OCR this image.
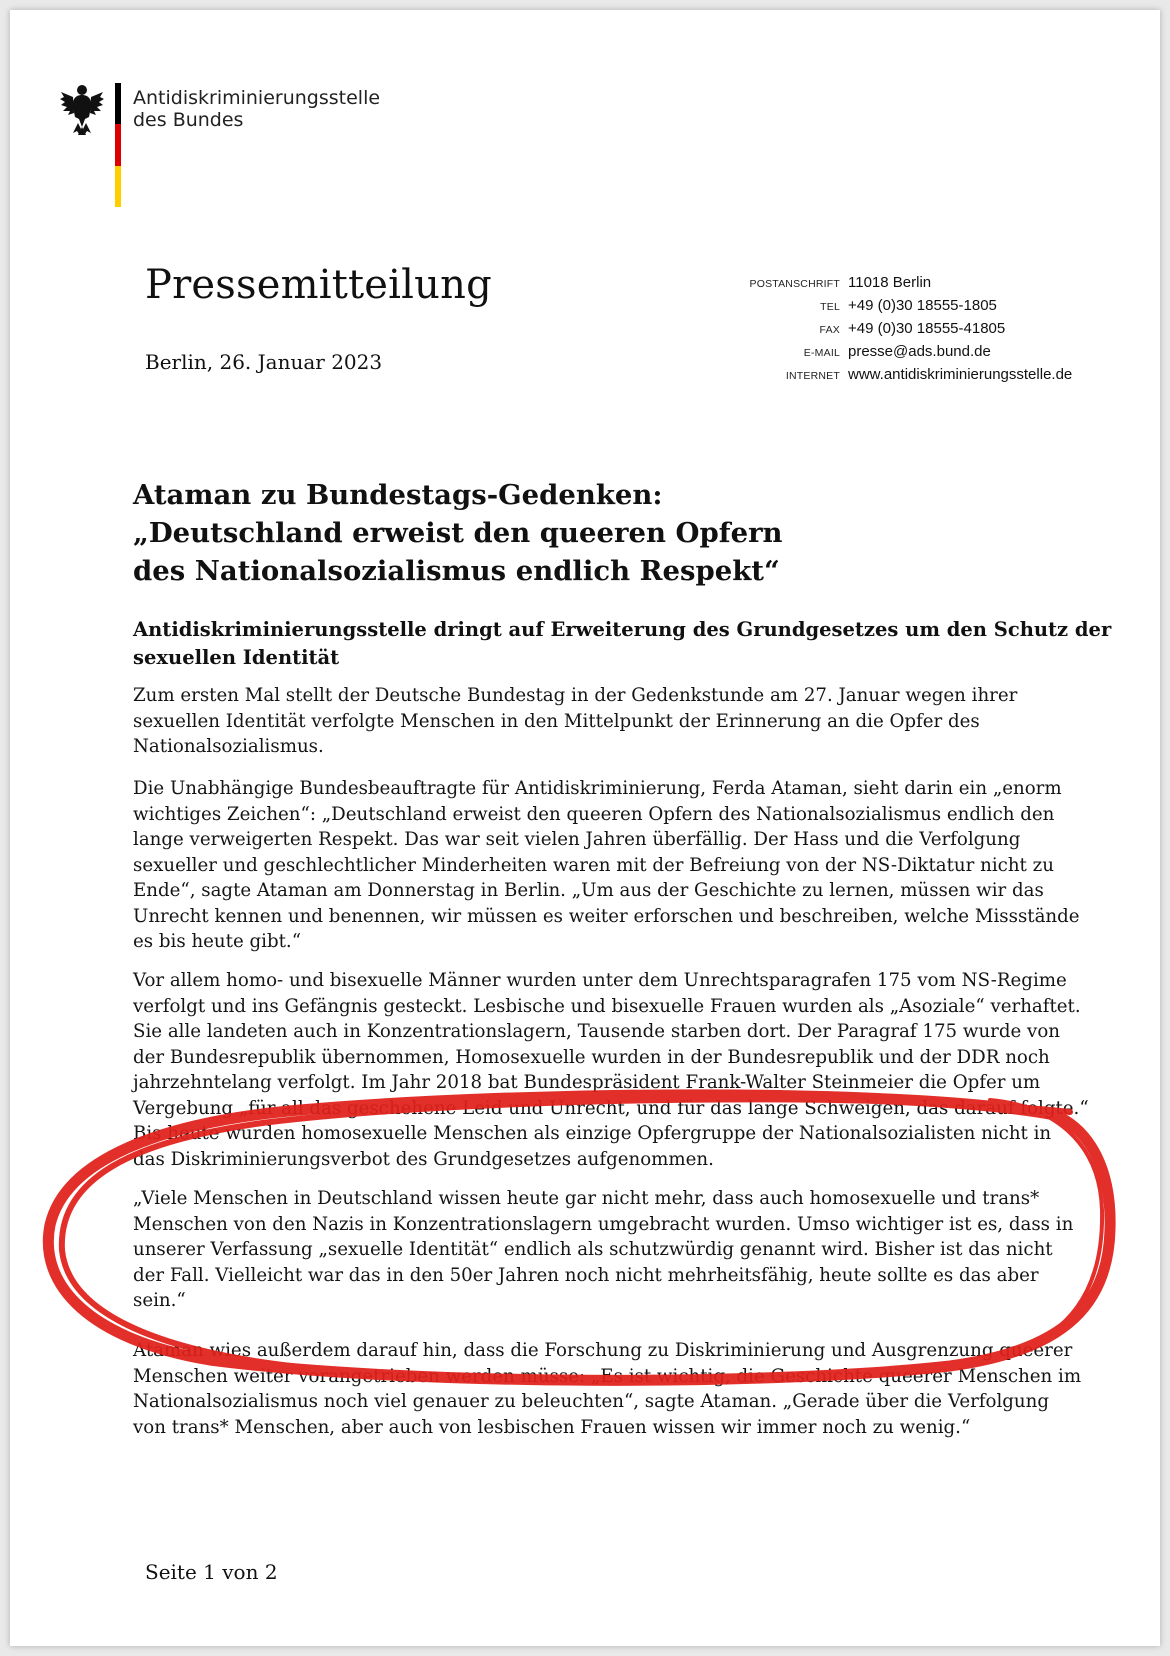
Antidiskriminierungsstelle
des Bundes
Pressemitteilung
Berlin, 26. Januar 2023
POSTANSCHRIFT 11018 Berlin
TEL +49 (0)30 18555-1805
FAX +49 (0)30 18555-41805
E-MAIL presse@ads.bund.de
INTERNET www.antidiskriminierungsstelle.de
Ataman zu Bundestags-Gedenken:
„Deutschland erweist den queeren Opfern
des Nationalsozialismus endlich Respekt“
Antidiskriminierungsstelle dringt auf Erweiterung des Grundgesetzes um den Schutz der
sexuellen Identität
Zum ersten Mal stellt der Deutsche Bundestag in der Gedenkstunde am 27. Januar wegen ihrer
sexuellen Identität verfolgte Menschen in den Mittelpunkt der Erinnerung an die Opfer des
Nationalsozialismus.
Die Unabhängige Bundesbeauftragte für Antidiskriminierung, Ferda Ataman, sieht darin ein „enorm
wichtiges Zeichen“: „Deutschland erweist den queeren Opfern des Nationalsozialismus endlich den
lange verweigerten Respekt. Das war seit vielen Jahren überfällig. Der Hass und die Verfolgung
sexueller und geschlechtlicher Minderheiten waren mit der Befreiung von der NS-Diktatur nicht zu
Ende“, sagte Ataman am Donnerstag in Berlin. „Um aus der Geschichte zu lernen, müssen wir das
Unrecht kennen und benennen, wir müssen es weiter erforschen und beschreiben, welche Missstände
es bis heute gibt.“
Vor allem homo- und bisexuelle Männer wurden unter dem Unrechtsparagrafen 175 vom NS-Regime
verfolgt und ins Gefängnis gesteckt. Lesbische und bisexuelle Frauen wurden als „Asoziale“ verhaftet.
Sie alle landeten auch in Konzentrationslagern, Tausende starben dort. Der Paragraf 175 wurde von
der Bundesrepublik übernommen, Homosexuelle wurden in der Bundesrepublik und der DDR noch
jahrzehntelang verfolgt. Im Jahr 2018 bat Bundespräsident Frank-Walter Steinmeier die Opfer um
Vergebung „für all das geschehene Leid und Unrecht, und für das lange Schweigen, das darauf folgte.“
Bis heute wurden homosexuelle Menschen als einzige Opfergruppe der Nationalsozialisten nicht in
das Diskriminierungsverbot des Grundgesetzes aufgenommen.
„Viele Menschen in Deutschland wissen heute gar nicht mehr, dass auch homosexuelle und trans*
Menschen von den Nazis in Konzentrationslagern umgebracht wurden. Umso wichtiger ist es, dass in
unserer Verfassung „sexuelle Identität“ endlich als schutzwürdig genannt wird. Bisher ist das nicht
der Fall. Vielleicht war das in den 50er Jahren noch nicht mehrheitsfähig, heute sollte es das aber
sein.“
Ataman wies außerdem darauf hin, dass die Forschung zu Diskriminierung und Ausgrenzung queerer
Menschen weiter vorangetrieben werden müsse: „Es ist wichtig, die Geschichte queerer Menschen im
Nationalsozialismus noch viel genauer zu beleuchten“, sagte Ataman. „Gerade über die Verfolgung
von trans* Menschen, aber auch von lesbischen Frauen wissen wir immer noch zu wenig.“
Seite 1 von 2
